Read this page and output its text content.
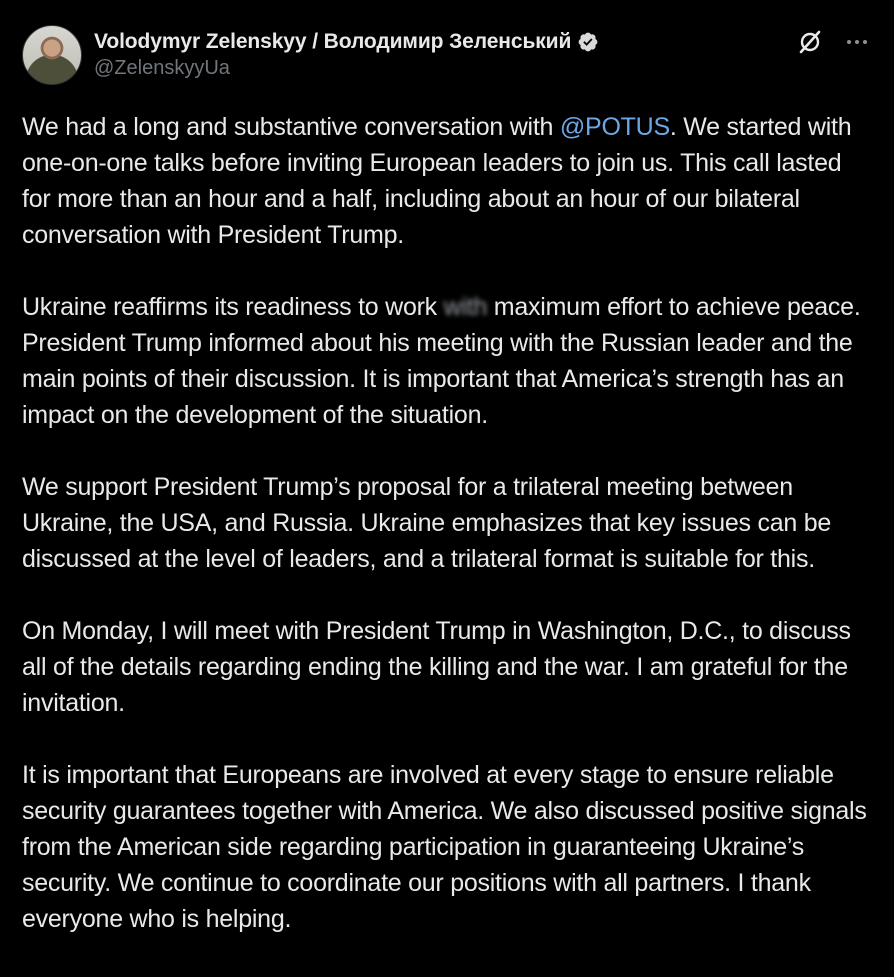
Volodymyr Zelenskyy / Володимир Зеленський
@ZelenskyyUa

We had a long and substantive conversation with @POTUS. We started with one-on-one talks before inviting European leaders to join us. This call lasted for more than an hour and a half, including about an hour of our bilateral conversation with President Trump.

Ukraine reaffirms its readiness to work with maximum effort to achieve peace. President Trump informed about his meeting with the Russian leader and the main points of their discussion. It is important that America’s strength has an impact on the development of the situation.

We support President Trump’s proposal for a trilateral meeting between Ukraine, the USA, and Russia. Ukraine emphasizes that key issues can be discussed at the level of leaders, and a trilateral format is suitable for this.

On Monday, I will meet with President Trump in Washington, D.C., to discuss all of the details regarding ending the killing and the war. I am grateful for the invitation.

It is important that Europeans are involved at every stage to ensure reliable security guarantees together with America. We also discussed positive signals from the American side regarding participation in guaranteeing Ukraine’s security. We continue to coordinate our positions with all partners. I thank everyone who is helping.
